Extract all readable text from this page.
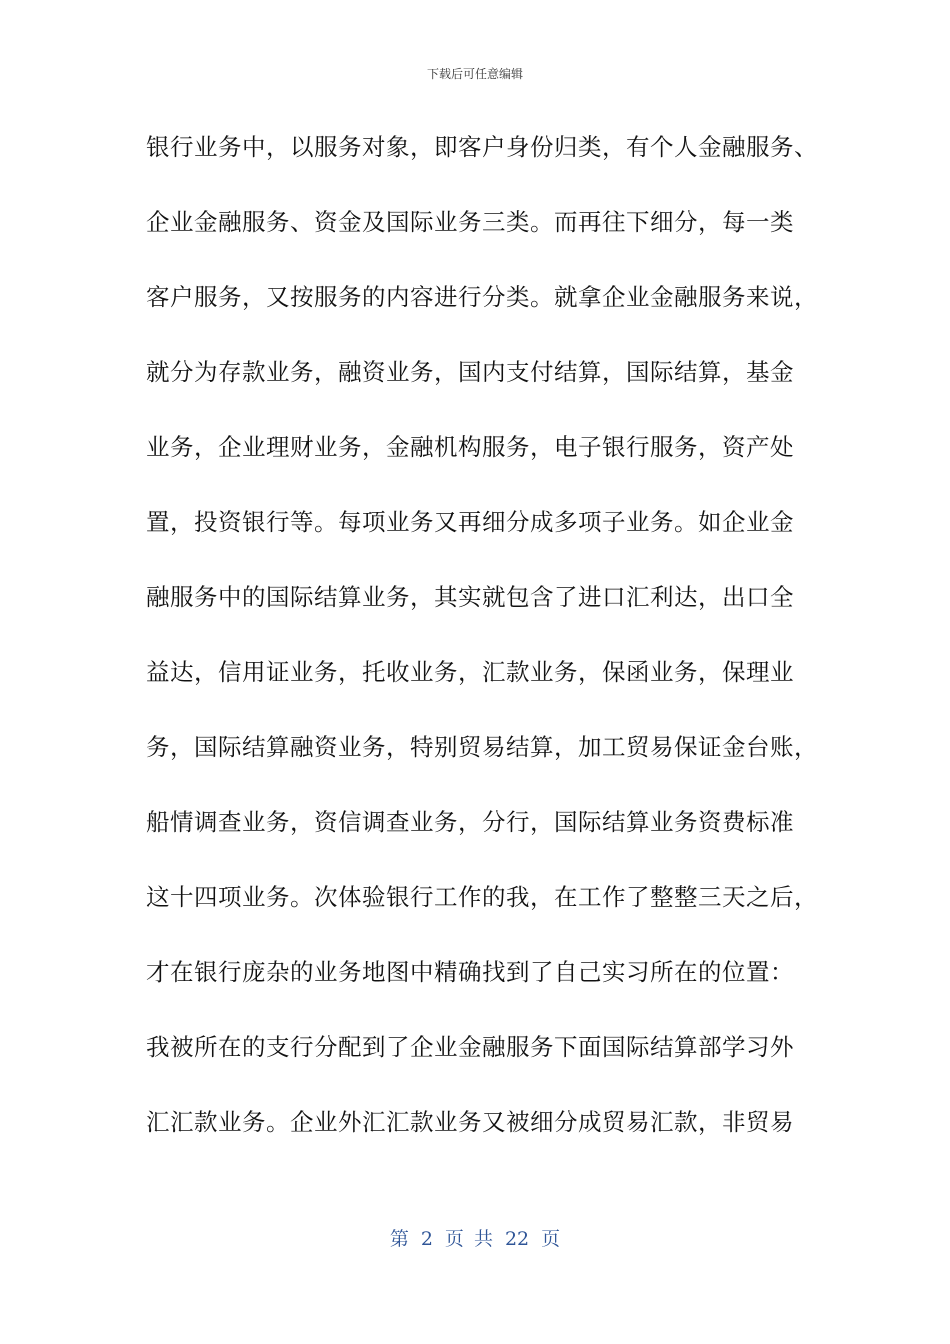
下载后可任意编辑
银行业务中，以服务对象，即客户身份归类，有个人金融服务、
企业金融服务、资金及国际业务三类。而再往下细分，每一类
客户服务，又按服务的内容进行分类。就拿企业金融服务来说，
就分为存款业务，融资业务，国内支付结算，国际结算，基金
业务，企业理财业务，金融机构服务，电子银行服务，资产处
置，投资银行等。每项业务又再细分成多项子业务。如企业金
融服务中的国际结算业务，其实就包含了进口汇利达，出口全
益达，信用证业务，托收业务，汇款业务，保函业务，保理业
务，国际结算融资业务，特别贸易结算，加工贸易保证金台账，
船情调查业务，资信调查业务，分行，国际结算业务资费标准
这十四项业务。次体验银行工作的我，在工作了整整三天之后，
才在银行庞杂的业务地图中精确找到了自己实习所在的位置：
我被所在的支行分配到了企业金融服务下面国际结算部学习外
汇汇款业务。企业外汇汇款业务又被细分成贸易汇款，非贸易
第 2 页 共 22 页
